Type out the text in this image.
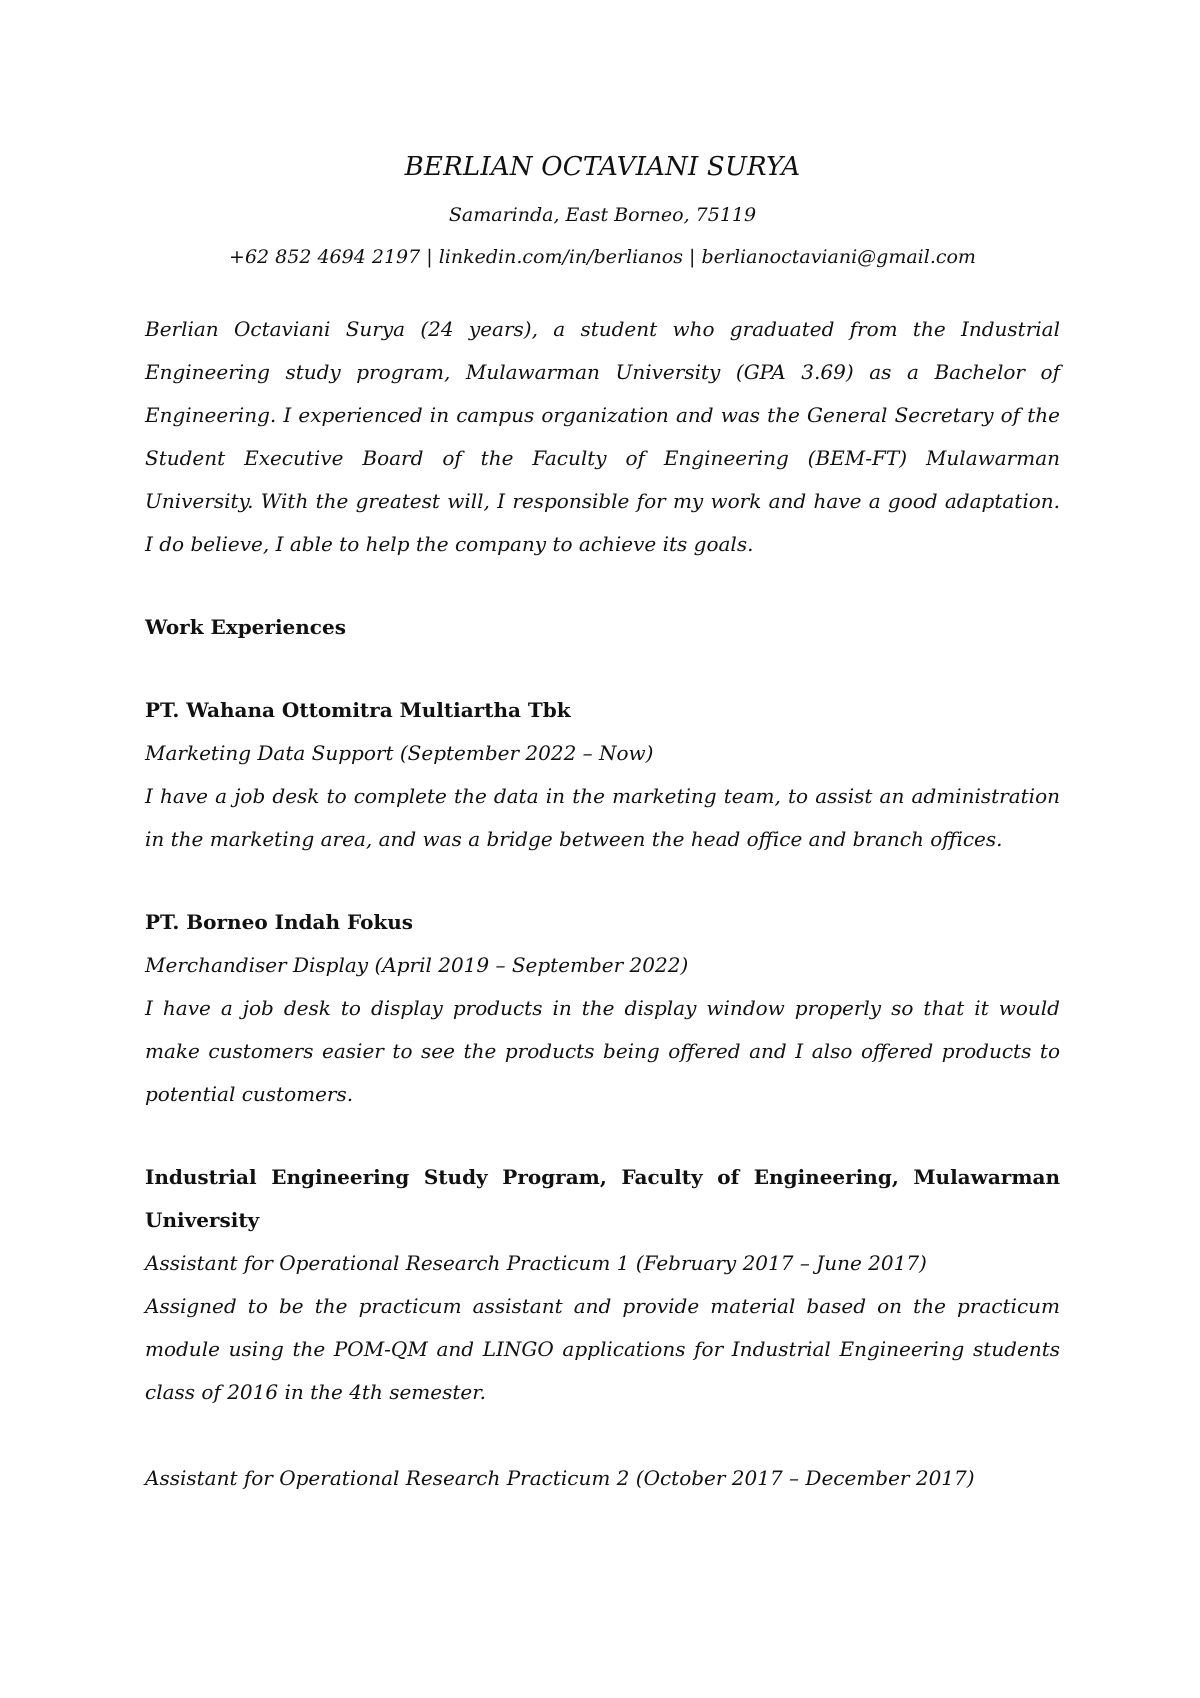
BERLIAN OCTAVIANI SURYA

Samarinda, East Borneo, 75119

+62 852 4694 2197 | linkedin.com/in/berlianos | berlianoctaviani@gmail.com

Berlian Octaviani Surya (24 years), a student who graduated from the Industrial Engineering study program, Mulawarman University (GPA 3.69) as a Bachelor of Engineering. I experienced in campus organization and was the General Secretary of the Student Executive Board of the Faculty of Engineering (BEM-FT) Mulawarman University. With the greatest will, I responsible for my work and have a good adaptation. I do believe, I able to help the company to achieve its goals.

Work Experiences

PT. Wahana Ottomitra Multiartha Tbk

Marketing Data Support (September 2022 – Now)

I have a job desk to complete the data in the marketing team, to assist an administration in the marketing area, and was a bridge between the head office and branch offices.

PT. Borneo Indah Fokus

Merchandiser Display (April 2019 – September 2022)

I have a job desk to display products in the display window properly so that it would make customers easier to see the products being offered and I also offered products to potential customers.

Industrial Engineering Study Program, Faculty of Engineering, Mulawarman University

Assistant for Operational Research Practicum 1 (February 2017 – June 2017)

Assigned to be the practicum assistant and provide material based on the practicum module using the POM-QM and LINGO applications for Industrial Engineering students class of 2016 in the 4th semester.

Assistant for Operational Research Practicum 2 (October 2017 – December 2017)
